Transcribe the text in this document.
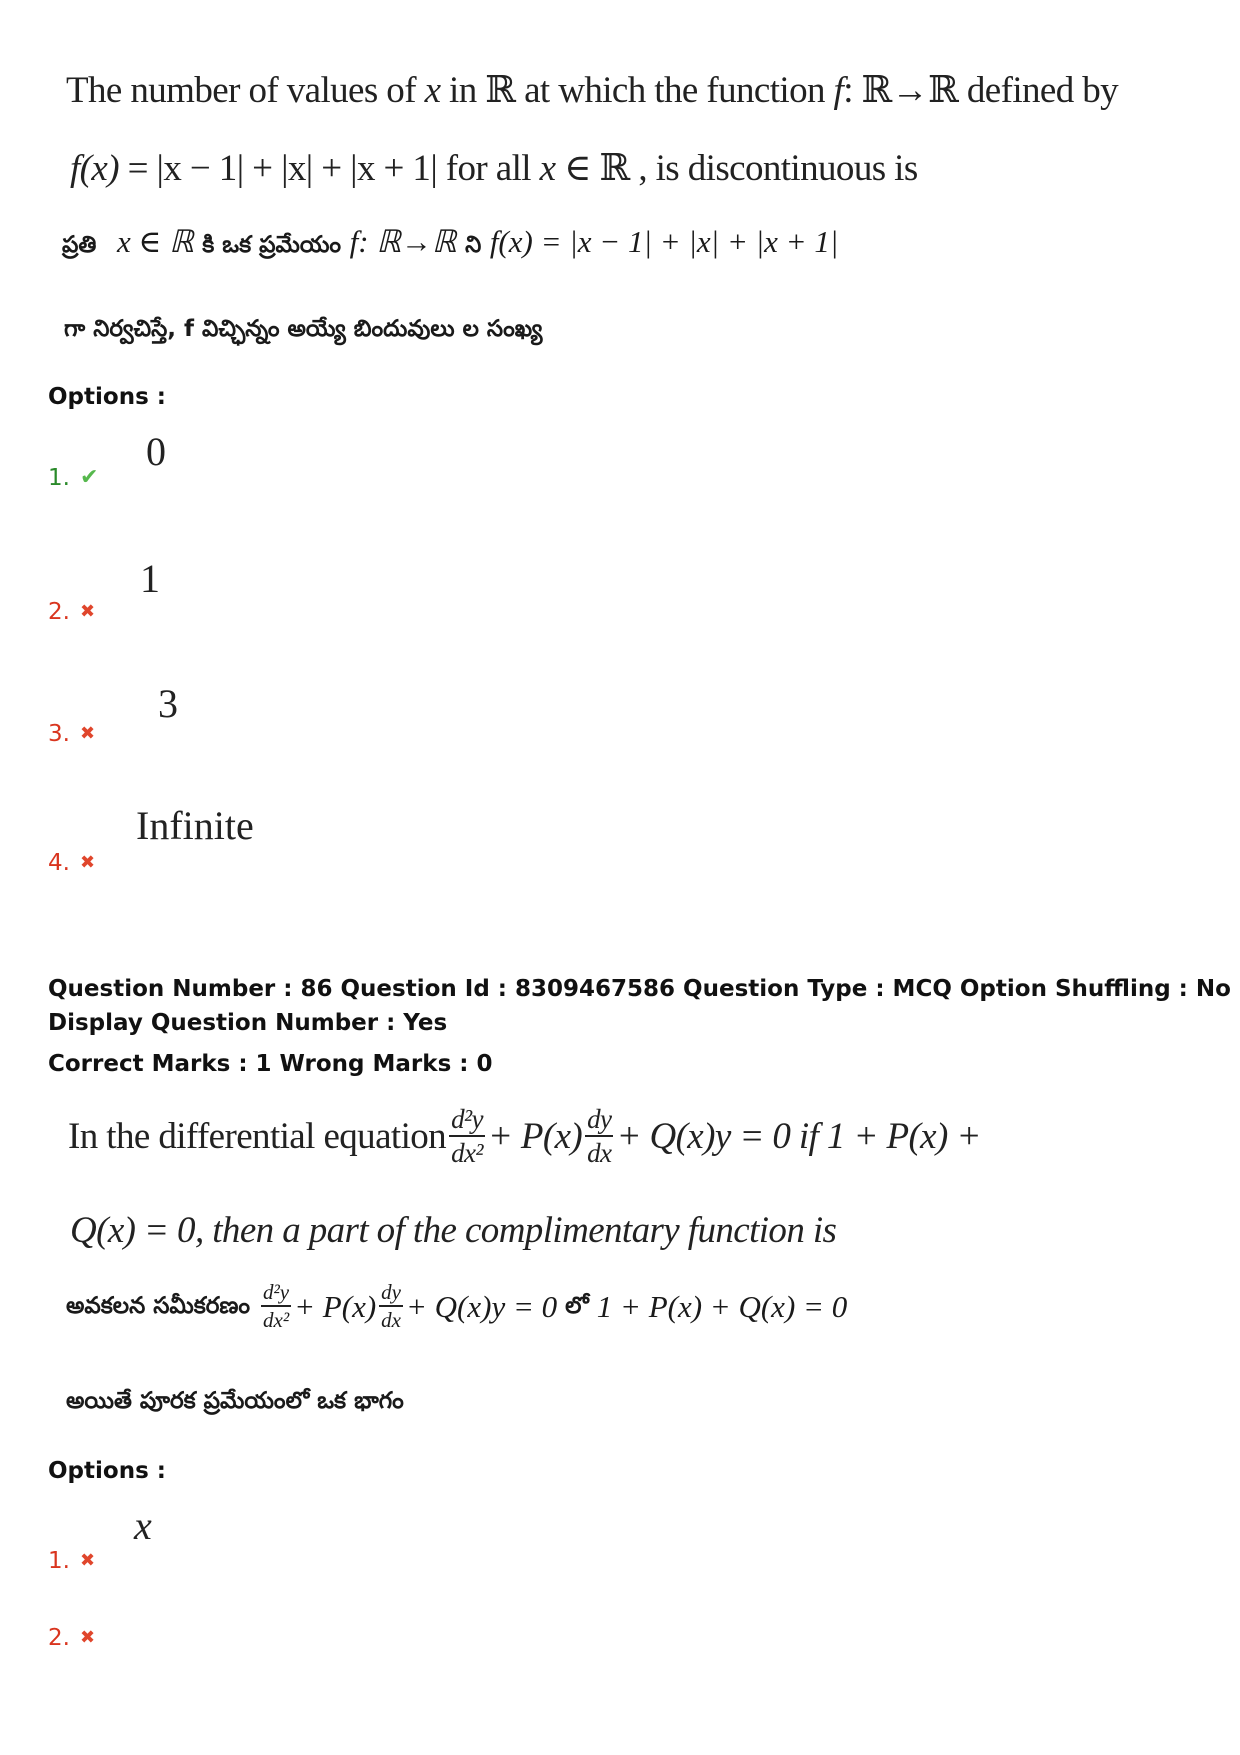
The number of values of x in ℝ at which the function f: ℝ→ℝ defined by
f(x) = |x − 1| + |x| + |x + 1| for all x ∈ ℝ , is discontinuous is
ప్రతి x ∈ ℝ కి ఒక ప్రమేయం f: ℝ→ℝ ని f(x) = |x − 1| + |x| + |x + 1|
గా నిర్వచిస్తే, f విచ్ఛిన్నం అయ్యే బిందువులు ల సంఖ్య
Options :
1. ✔
0
2. ✖
1
3. ✖
3
4. ✖
Infinite
Question Number : 86 Question Id : 8309467586 Question Type : MCQ Option Shuffling : No
Display Question Number : Yes
Correct Marks : 1 Wrong Marks : 0
In the differential equation $\frac{\text{d²y}}{\text{dx²}} + P(x) \frac{dy}{dx} + Q(x)y = 0$ if 1 + P(x) +
Q(x) = 0, then a part of the complimentary function is
అవకలన సమీకరణం $\frac{\text{d²y}}{\text{dx²}} + P(x) \frac{dy}{dx} + Q(x)y = 0$ లో 1 + P(x) + Q(x) = 0
అయితే పూరక ప్రమేయంలో ఒక భాగం
Options :
1. ✖
x
2. ✖
